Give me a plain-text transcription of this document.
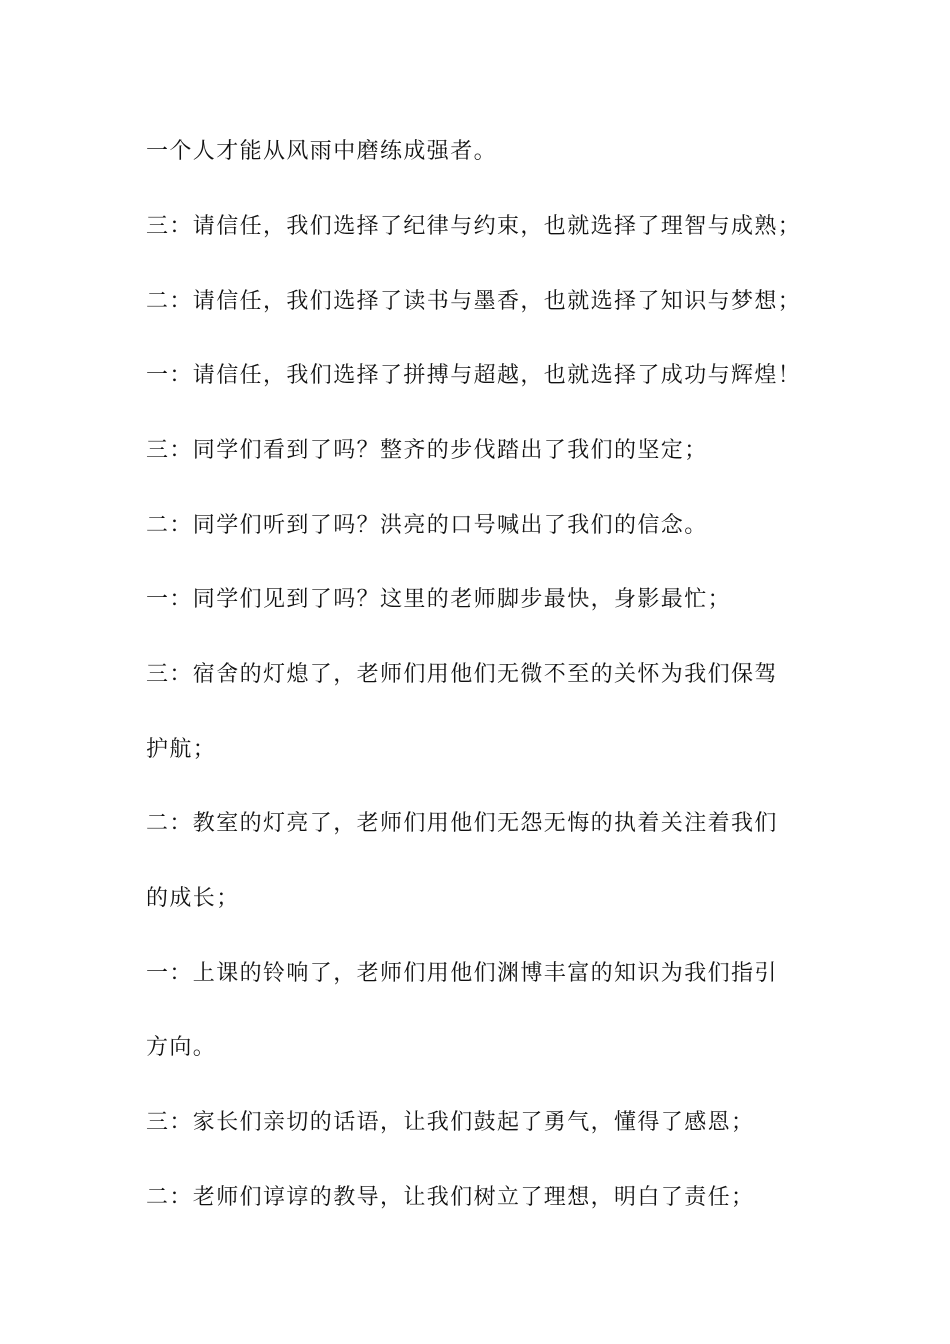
一个人才能从风雨中磨练成强者。
三：请信任，我们选择了纪律与约束，也就选择了理智与成熟；
二：请信任，我们选择了读书与墨香，也就选择了知识与梦想；
一：请信任，我们选择了拼搏与超越，也就选择了成功与辉煌！
三：同学们看到了吗？整齐的步伐踏出了我们的坚定；
二：同学们听到了吗？洪亮的口号喊出了我们的信念。
一：同学们见到了吗？这里的老师脚步最快，身影最忙；
三：宿舍的灯熄了，老师们用他们无微不至的关怀为我们保驾
护航；
二：教室的灯亮了，老师们用他们无怨无悔的执着关注着我们
的成长；
一：上课的铃响了，老师们用他们渊博丰富的知识为我们指引
方向。
三：家长们亲切的话语，让我们鼓起了勇气，懂得了感恩；
二：老师们谆谆的教导，让我们树立了理想，明白了责任；
